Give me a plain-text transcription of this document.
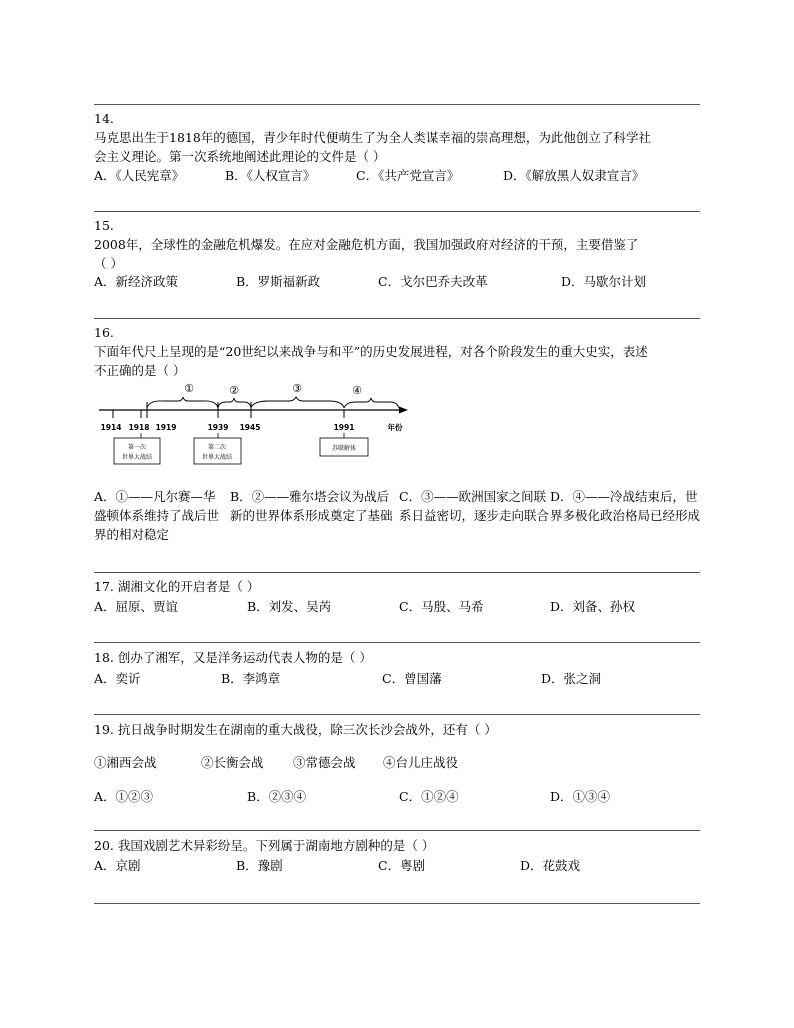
14.
马克思出生于1818年的德国，青少年时代便萌生了为全人类谋幸福的崇高理想，为此他创立了科学社
会主义理论。第一次系统地阐述此理论的文件是（ ）
A．《人民宪章》	B．《人权宣言》	C．《共产党宣言》	D．《解放黑人奴隶宣言》
15.
2008年，全球性的金融危机爆发。在应对金融危机方面，我国加强政府对经济的干预，主要借鉴了
（ ）
A．新经济政策	B．罗斯福新政	C．戈尔巴乔夫改革	D．马歇尔计划
16.
下面年代尺上呈现的是“20世纪以来战争与和平”的历史发展进程，对各个阶段发生的重大史实，表述
不正确的是（ ）
①	②	③	④
1914 1918 1919	1939 1945	1991	年份
第一次
世界大战结
第二次
世界大战结
苏联解体
A．①——凡尔赛—华盛顿体系维持了战后世界的相对稳定
B．②——雅尔塔会议为战后新的世界体系形成奠定了基础
C．③——欧洲国家之间联系日益密切，逐步走向联合
D．④——冷战结束后，世界多极化政治格局已经形成
17. 湖湘文化的开启者是（ ）
A．屈原、贾谊	B．刘发、吴芮	C．马殷、马希	D．刘备、孙权
18. 创办了湘军，又是洋务运动代表人物的是（ ）
A．奕䜣	B．李鸿章	C．曾国藩	D．张之洞
19. 抗日战争时期发生在湖南的重大战役，除三次长沙会战外，还有（ ）
①湘西会战	②长衡会战 ③常德会战 ④台儿庄战役
A．①②③	B．②③④	C．①②④	D．①③④
20. 我国戏剧艺术异彩纷呈。下列属于湖南地方剧种的是（ ）
A．京剧	B．豫剧	C．粤剧	D．花鼓戏
